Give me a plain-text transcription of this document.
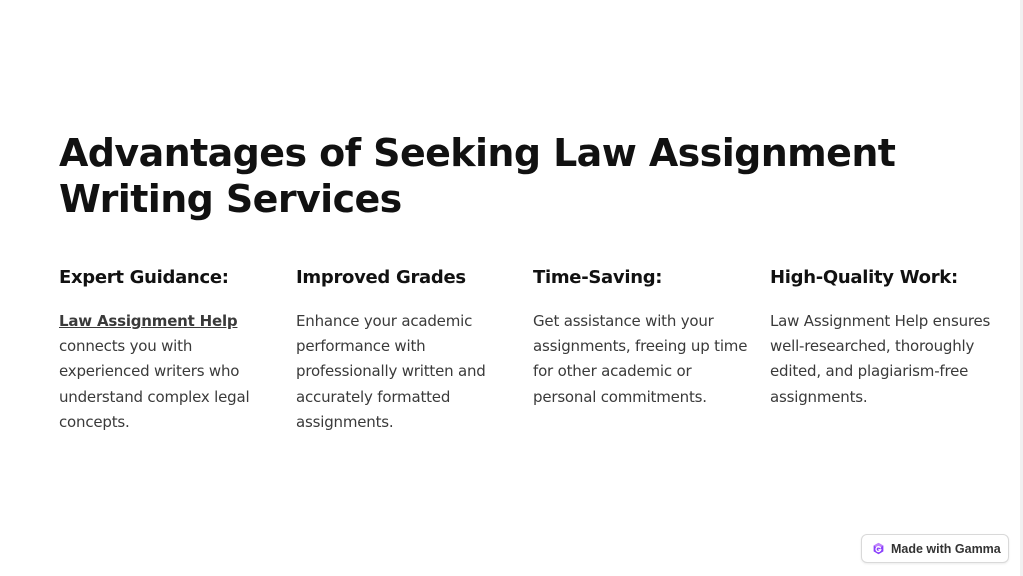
Advantages of Seeking Law Assignment Writing Services
Expert Guidance:
Law Assignment Help connects you with experienced writers who understand complex legal concepts.
Improved Grades
Enhance your academic performance with professionally written and accurately formatted assignments.
Time-Saving:
Get assistance with your assignments, freeing up time for other academic or personal commitments.
High-Quality Work:
Law Assignment Help ensures well-researched, thoroughly edited, and plagiarism-free assignments.
Made with Gamma
